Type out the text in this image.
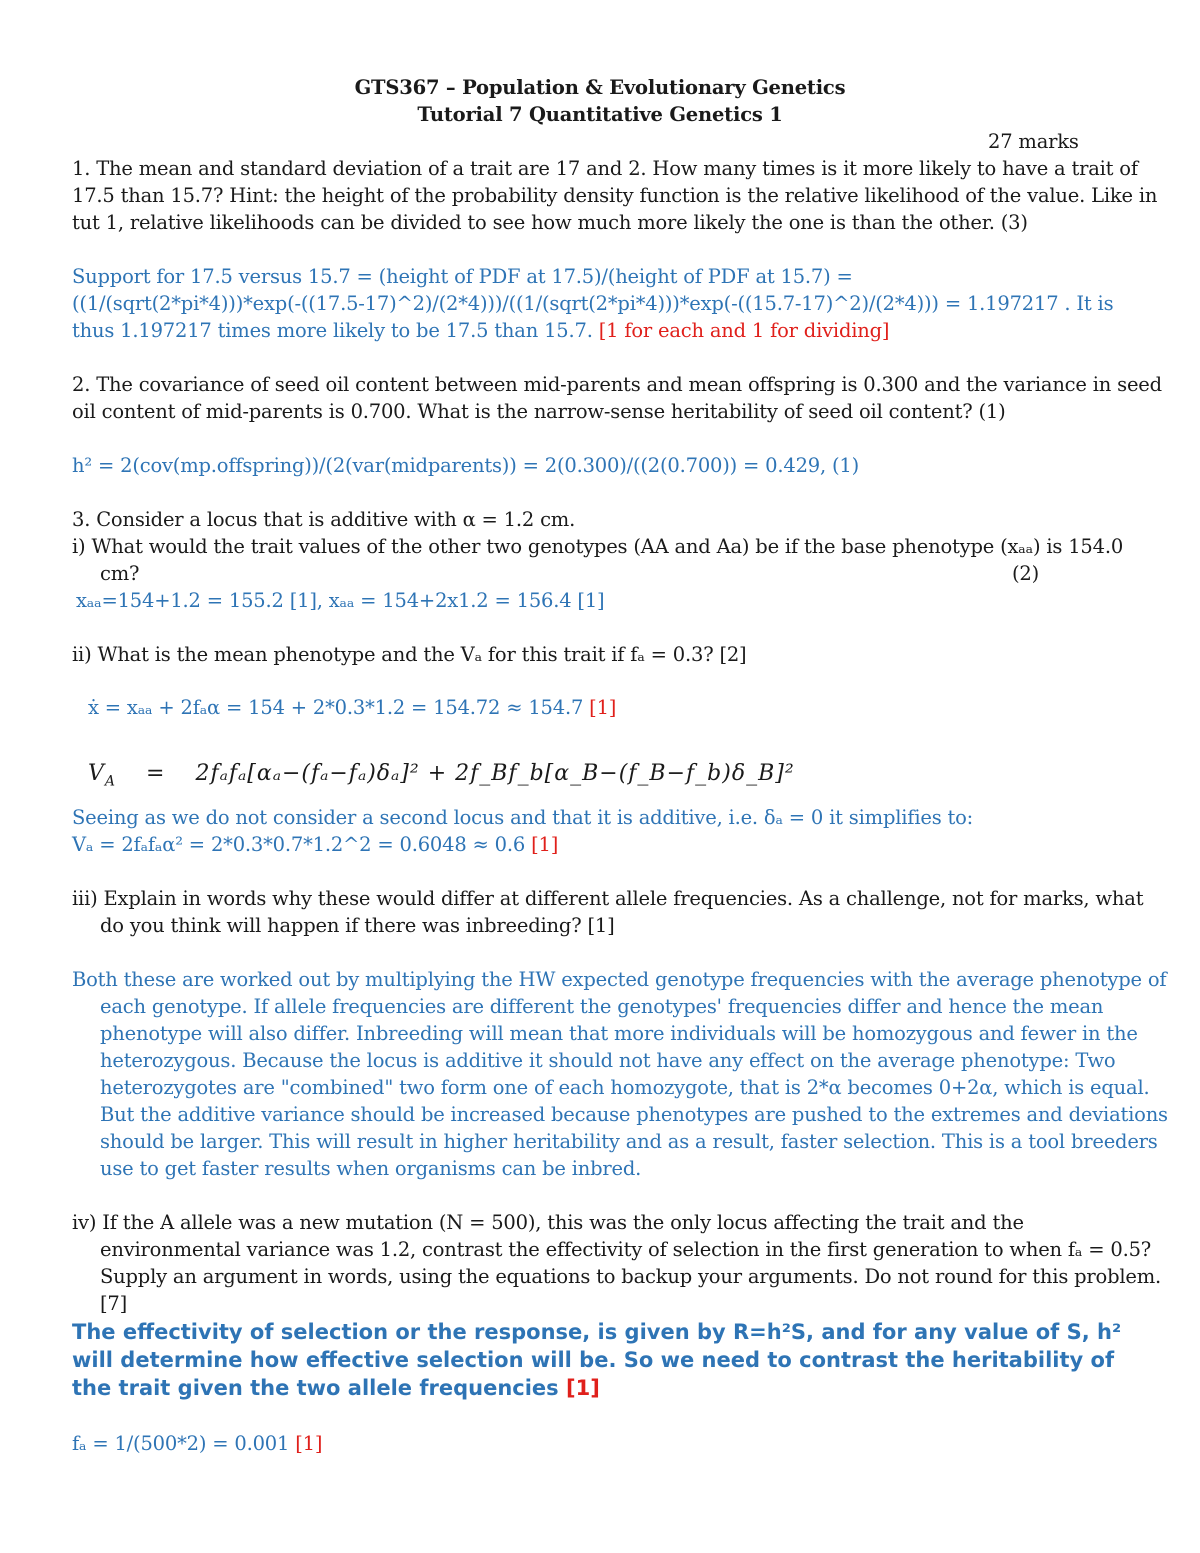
GTS367 – Population & Evolutionary Genetics
Tutorial 7 Quantitative Genetics 1
27 marks
1. The mean and standard deviation of a trait are 17 and 2. How many times is it more likely to have a trait of
17.5 than 15.7? Hint: the height of the probability density function is the relative likelihood of the value. Like in
tut 1, relative likelihoods can be divided to see how much more likely the one is than the other. (3)
Support for 17.5 versus 15.7 = (height of PDF at 17.5)/(height of PDF at 15.7) =
((1/(sqrt(2*pi*4)))*exp(-((17.5-17)^2)/(2*4)))/((1/(sqrt(2*pi*4)))*exp(-((15.7-17)^2)/(2*4))) = 1.197217 . It is
thus 1.197217 times more likely to be 17.5 than 15.7. [1 for each and 1 for dividing]
2. The covariance of seed oil content between mid-parents and mean offspring is 0.300 and the variance in seed
oil content of mid-parents is 0.700. What is the narrow-sense heritability of seed oil content? (1)
h² = 2(cov(mp.offspring))/(2(var(midparents)) = 2(0.300)/((2(0.700)) = 0.429, (1)
3. Consider a locus that is additive with α = 1.2 cm.
i) What would the trait values of the other two genotypes (AA and Aa) be if the base phenotype (xₐₐ) is 154.0
cm?	(2)
xₐₐ=154+1.2 = 155.2 [1], xₐₐ = 154+2x1.2 = 156.4 [1]
ii) What is the mean phenotype and the Vₐ for this trait if fₐ = 0.3? [2]
ẋ = xₐₐ + 2fₐα = 154 + 2*0.3*1.2 = 154.72 ≈ 154.7 [1]
$V_A = 2f_af_a[\alpha_a-(f_a-f_a)\delta_a]^2$ + 2f_Bf_b[α_B−(f_B−f_b)δ_B]²
Seeing as we do not consider a second locus and that it is additive, i.e. δₐ = 0 it simplifies to:
Vₐ = 2fₐfₐα² = 2*0.3*0.7*1.2^2 = 0.6048 ≈ 0.6 [1]
iii) Explain in words why these would differ at different allele frequencies. As a challenge, not for marks, what
do you think will happen if there was inbreeding? [1]
Both these are worked out by multiplying the HW expected genotype frequencies with the average phenotype of
each genotype. If allele frequencies are different the genotypes' frequencies differ and hence the mean
phenotype will also differ. Inbreeding will mean that more individuals will be homozygous and fewer in the
heterozygous. Because the locus is additive it should not have any effect on the average phenotype: Two
heterozygotes are "combined" two form one of each homozygote, that is 2*α becomes 0+2α, which is equal.
But the additive variance should be increased because phenotypes are pushed to the extremes and deviations
should be larger. This will result in higher heritability and as a result, faster selection. This is a tool breeders
use to get faster results when organisms can be inbred.
iv) If the A allele was a new mutation (N = 500), this was the only locus affecting the trait and the
environmental variance was 1.2, contrast the effectivity of selection in the first generation to when fₐ = 0.5?
Supply an argument in words, using the equations to backup your arguments. Do not round for this problem.
[7]
The effectivity of selection or the response, is given by R=h²S, and for any value of S, h²
will determine how effective selection will be. So we need to contrast the heritability of
the trait given the two allele frequencies [1]
fₐ = 1/(500*2) = 0.001 [1]
